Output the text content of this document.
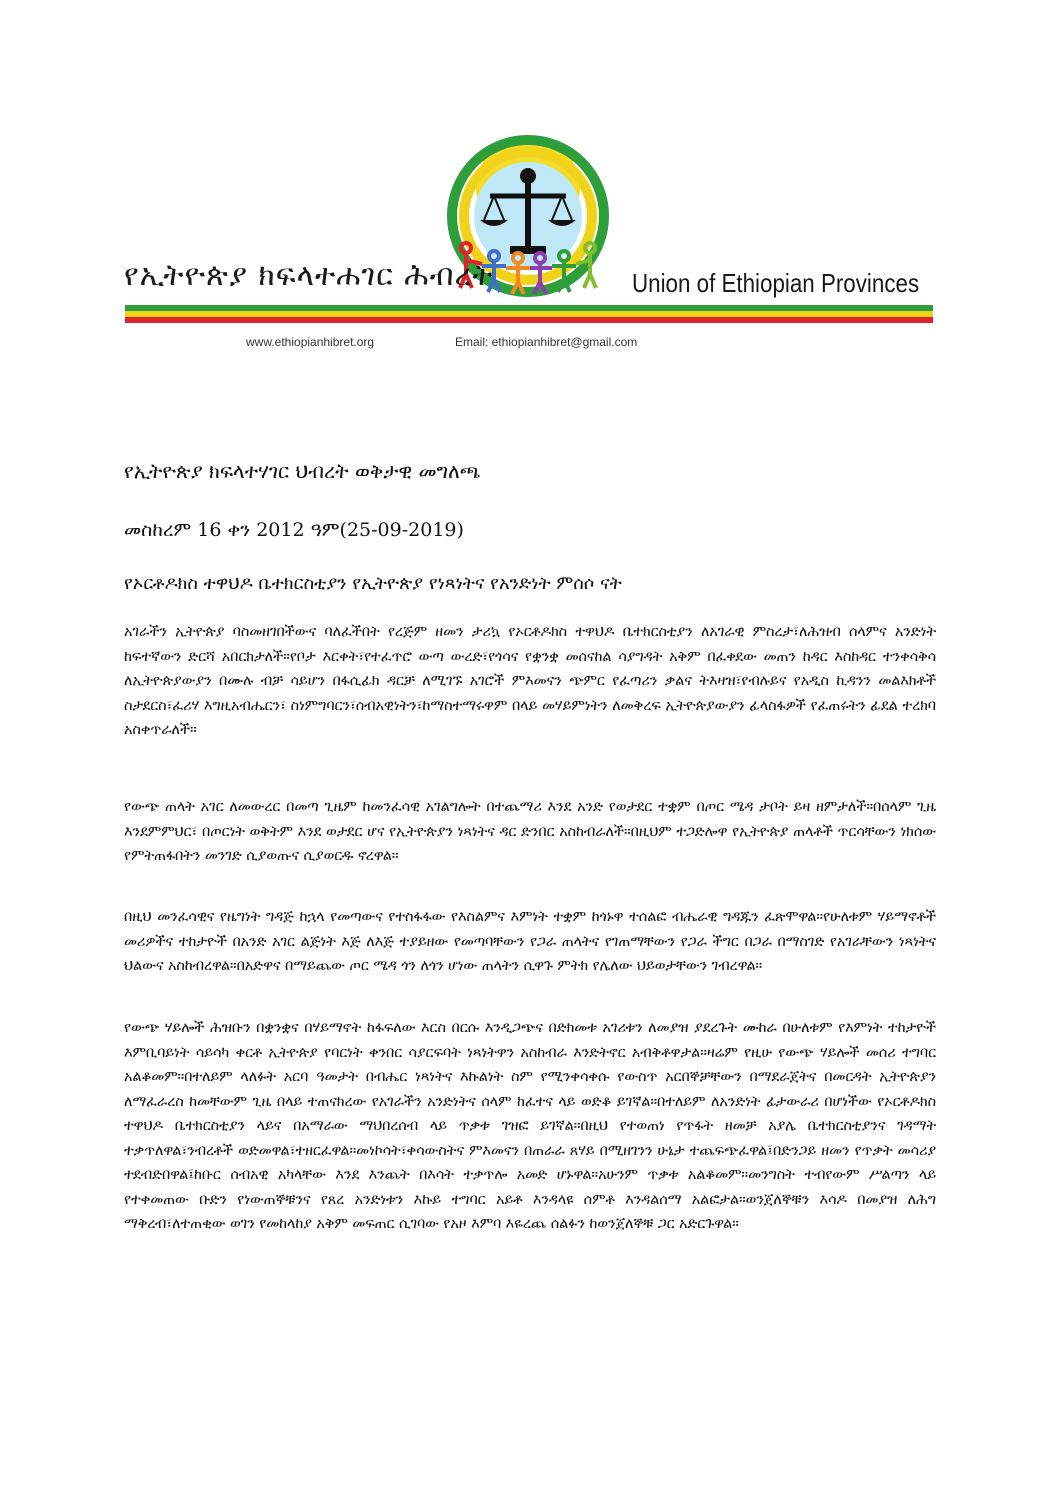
የኢትዮጵያ ክፍላተሐገር ሕብረት	Union of Ethiopian Provinces
www.ethiopianhibret.org	Email: ethiopianhibret@gmail.com
የኢትዮጵያ ክፍላተሃገር ህብረት ወቅታዊ መግለጫ
መስከረም 16 ቀን 2012 ዓም(25-09-2019)
የኦርቶዶክስ ተዋህዶ ቤተክርስቲያን የኢትዮጵያ የነጻነትና የአንድነት ምሰሶ ናት

አገራችን ኢትዮጵያ ባስመዘገበችውና ባለፈችበት የረጅም ዘመን ታሪኳ የኦርቶዶክስ ተዋህዶ ቤተክርስቲያን ለአገራዊ ምስረታ፣ለሕዝብ ሰላምና አንድነት ከፍተኛውን ድርሻ አበርክታለች።የቦታ እርቀት፣የተፈጥሮ ውጣ ውረድ፣የጎሳና የቋንቋ መሰናከል ሳያግዳት አቅም በፈቀደው መጠን ከዳር እስከዳር ተንቀሳቅሳ ለኢትዮጵያውያን በሙሉ ብቻ ሳይሆን በፋሲፊክ ዳርቻ ለሚገኙ አገሮች ምእመናን ጭምር የፈጣሪን ቃልና ትእዛዝ፣የብሉይና የአዲስ ኪዳንን መልእክቶች ስታደርስ፣ፈሪሃ እግዚአብሔርን፣ ስነምግባርን፣ሰብአዊነትን፣ከማስተማሩዋም በላይ መሃይምነትን ለመቅረፍ ኢትዮጵያውያን ፊላስፋዎች የፈጠሩትን ፊደል ተረክባ አስቀጥራለች።

የውጭ ጠላት አገር ለመውረር በመጣ ጊዜም ከመንፈሳዊ አገልግሎት በተጨማሪ እንደ አንድ የወታደር ተቋም በጦር ሜዳ ታቦት ይዛ ዘምታለች።በሰላም ጊዜ እንደምምህር፣ በጦርነት ወቅትም እንደ ወታደር ሆና የኢትዮጵያን ነጻነትና ዳር ድንበር አስከብራለች።በዚህም ተጋድሎዋ የኢትዮጵያ ጠላቶች ጥርሳቸውን ነክሰው የምትጠፋበትን መንገድ ሲያወጡና ሲያወርዱ ኖረዋል።

በዚህ መንፈሳዊና የዜግነት ግዳጅ ከኋላ የመጣውና የተስፋፋው የእስልምና እምነት ተቋም ከጎኑዋ ተሰልፎ ብሔራዊ ግዳጁን ፈጽሞዋል።የሁለቱም ሃይማኖቶች መሪዎችና ተከታዮች በአንድ አገር ልጅነት እጅ ለእጅ ተያይዘው የመጣባቸውን የጋራ ጠላትና የገጠማቸውን የጋራ ችግር በጋራ በማስገድ የአገራቸውን ነጻነትና ህልውና አስከብረዋል።በአድዋና በማይጨው ጦር ሜዳ ጎን ለጎን ሆነው ጠላትን ሲዋጉ ምትክ የሌለው ህይወታቸውን ገብረዋል።

የውጭ ሃይሎች ሕዝቡን በቋንቋና በሃይማኖት ከፋፍለው እርስ በርሱ እንዲጋጭና በድክመቱ አገሪቱን ለመያዝ ያደረጉት ሙከራ በሁለቱም የእምነት ተከታዮች እምቢባይነት ሳይሳካ ቀርቶ ኢትዮጵያ የባርነት ቀንበር ሳያርፍባት ነጻነትዋን አስከብራ እንድትኖር አብቅቶዋታል።ዛሬም የዚሁ የውጭ ሃይሎች መሰሪ ተግባር አልቆመም።በተለይም ላለፉት አርባ ዓመታት በብሔር ነጻነትና እኩልነት ስም የሚንቀሳቀሱ የውስጥ አርበኞቻቸውን በማደራጀትና በመርዳት ኢትዮጵያን ለማፈራረስ ከመቸውም ጊዜ በላይ ተጠናክረው የአገራችን አንድነትና ሰላም ከፈተና ላይ ወድቆ ይገኛል።በተለይም ለአንድነት ፊታውራሪ በሆነችው የኦርቶዶክስ ተዋህዶ ቤተክርስቲያን ላይና በአማራው ማህበረሰብ ላይ ጥቃቱ ገዝፎ ይገኛል።በዚህ የተወጠነ የጥፋት ዘመቻ አያሌ ቤተክርስቲያንና ገዳማት ተቃጥለዋል፣ንብረቶች ወድመዋል፣ተዘርፈዋል።መነኮሳት፣ቀሳውስትና ምእመናን በጠራራ ጸሃይ በሚዘገንን ሁኔታ ተጨፍጭፈዋል፤በድንጋይ ዘመን የጥቃት መሳሪያ ተደብድበዋል፤ከቡር ሰብአዊ አካላቸው እንደ እንጨት በእሳት ተቃጥሎ አመድ ሆኑዋል።አሁንም ጥቃቱ አልቆመም።መንግስት ተብየውም ሥልጣን ላይ የተቀመጠው ቡድን የነውጠኞቹንና የጸረ አንድነቱን እኩይ ተግባር አይቶ እንዳላዩ ሰምቶ እንዳልሰማ አልፎታል።ወንጀለኞቹን እሳዶ በመያዝ ለሕግ ማቅረብ፣ለተጠቂው ወገን የመከላከያ አቅም መፍጠር ሲገባው የአዞ እምባ እዬረጨ ሰልፉን ከወንጀለኞቹ ጋር አድርጉዋል።
